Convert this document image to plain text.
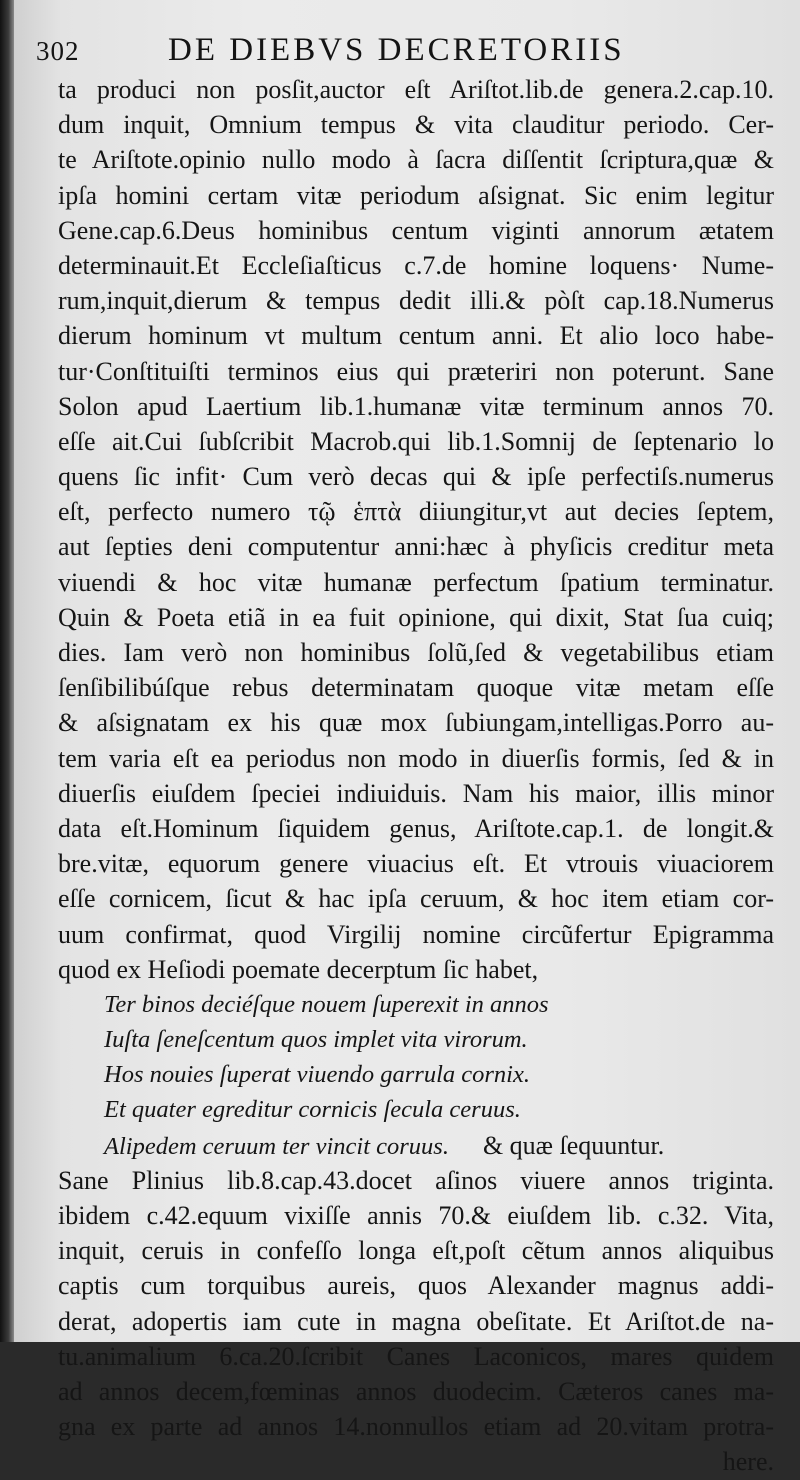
302	DE DIEBVS DECRETORIIS
ta produci non posſit,auctor eſt Ariſtot.lib.de genera.2.cap.10.
dum inquit, Omnium tempus & vita clauditur periodo. Cer-
te Ariſtote.opinio nullo modo à ſacra diſſentit ſcriptura,quæ &
ipſa homini certam vitæ periodum aſsignat. Sic enim legitur
Gene.cap.6.Deus hominibus centum viginti annorum ætatem
determinauit.Et Eccleſiaſticus c.7.de homine loquens· Nume-
rum,inquit,dierum & tempus dedit illi.& pòſt cap.18.Numerus
dierum hominum vt multum centum anni. Et alio loco habe-
tur·Conſtituiſti terminos eius qui præteriri non poterunt. Sane
Solon apud Laertium lib.1.humanæ vitæ terminum annos 70.
eſſe ait.Cui ſubſcribit Macrob.qui lib.1.Somnij de ſeptenario lo
quens ſic infit· Cum verò decas qui & ipſe perfectiſs.numerus
eſt, perfecto numero τῷ ἑπτὰ diiungitur,vt aut decies ſeptem,
aut ſepties deni computentur anni:hæc à phyſicis creditur meta
viuendi & hoc vitæ humanæ perfectum ſpatium terminatur.
Quin & Poeta etiã in ea fuit opinione, qui dixit, Stat ſua cuiq;
dies. Iam verò non hominibus ſolũ,ſed & vegetabilibus etiam
ſenſibilibúſque rebus determinatam quoque vitæ metam eſſe
& aſsignatam ex his quæ mox ſubiungam,intelligas.Porro au-
tem varia eſt ea periodus non modo in diuerſis formis, ſed & in
diuerſis eiuſdem ſpeciei indiuiduis. Nam his maior, illis minor
data eſt.Hominum ſiquidem genus, Ariſtote.cap.1. de longit.&
bre.vitæ, equorum genere viuacius eſt. Et vtrouis viuaciorem
eſſe cornicem, ſicut & hac ipſa ceruum, & hoc item etiam cor-
uum confirmat, quod Virgilij nomine circũfertur Epigramma
quod ex Heſiodi poemate decerptum ſic habet,
Ter binos deciéſque nouem ſuperexit in annos
Iuſta ſeneſcentum quos implet vita virorum.
Hos nouies ſuperat viuendo garrula cornix.
Et quater egreditur cornicis ſecula ceruus.
Alipedem ceruum ter vincit coruus. & quæ ſequuntur.
Sane Plinius lib.8.cap.43.docet aſinos viuere annos triginta.
ibidem c.42.equum vixiſſe annis 70.& eiuſdem lib. c.32. Vita,
inquit, ceruis in confeſſo longa eſt,poſt cẽtum annos aliquibus
captis cum torquibus aureis, quos Alexander magnus addi-
derat, adopertis iam cute in magna obeſitate. Et Ariſtot.de na-
tu.animalium 6.ca.20.ſcribit Canes Laconicos, mares quidem
ad annos decem,fœminas annos duodecim. Cæteros canes ma-
gna ex parte ad annos 14.nonnullos etiam ad 20.vitam protra-
here.
